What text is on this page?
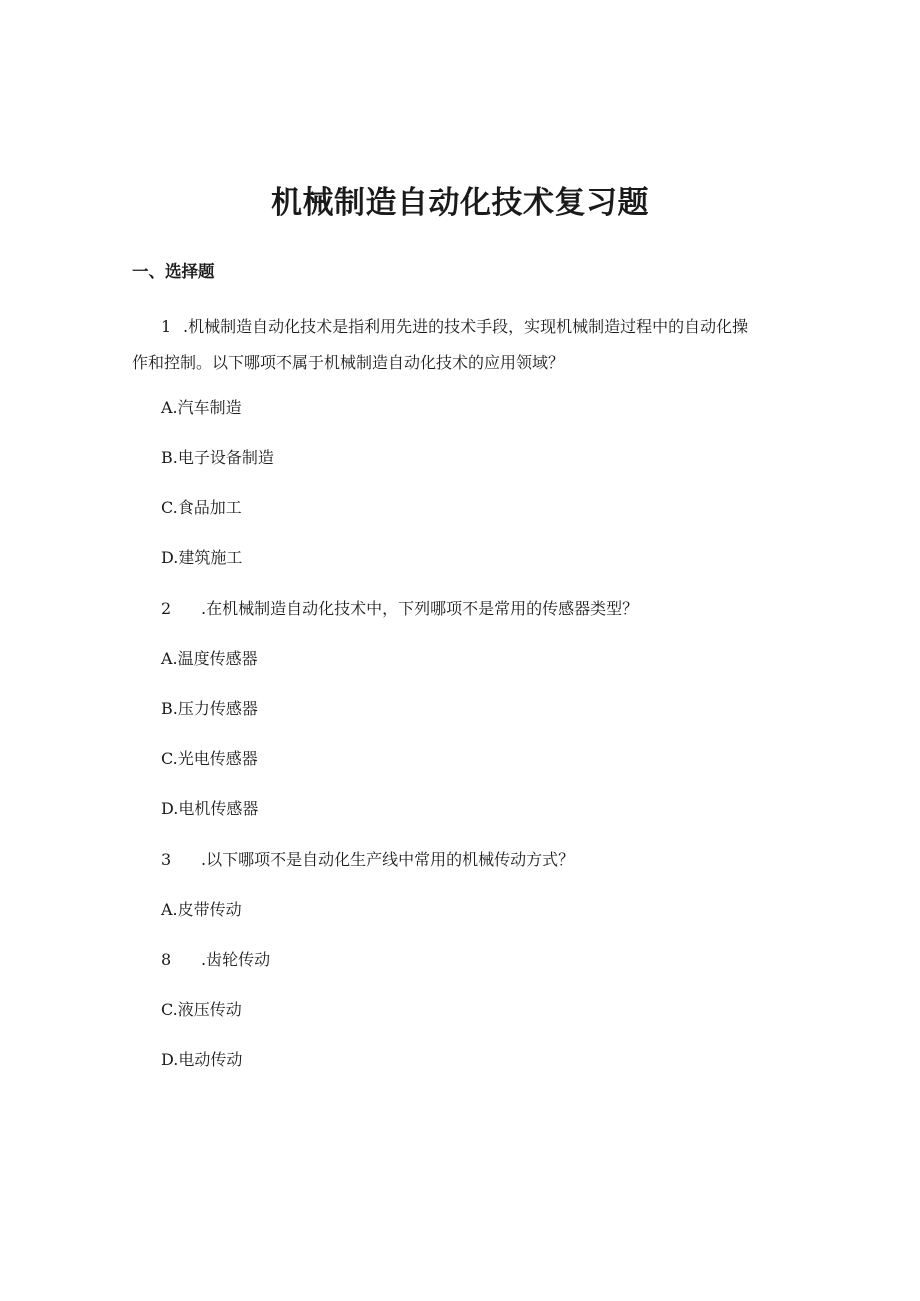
机械制造自动化技术复习题
一、选择题
1 .机械制造自动化技术是指利用先进的技术手段，实现机械制造过程中的自动化操
作和控制。以下哪项不属于机械制造自动化技术的应用领域？
A.汽车制造
B.电子设备制造
C.食品加工
D.建筑施工
2 .在机械制造自动化技术中，下列哪项不是常用的传感器类型？
A.温度传感器
B.压力传感器
C.光电传感器
D.电机传感器
3 .以下哪项不是自动化生产线中常用的机械传动方式？
A.皮带传动
8 .齿轮传动
C.液压传动
D.电动传动
